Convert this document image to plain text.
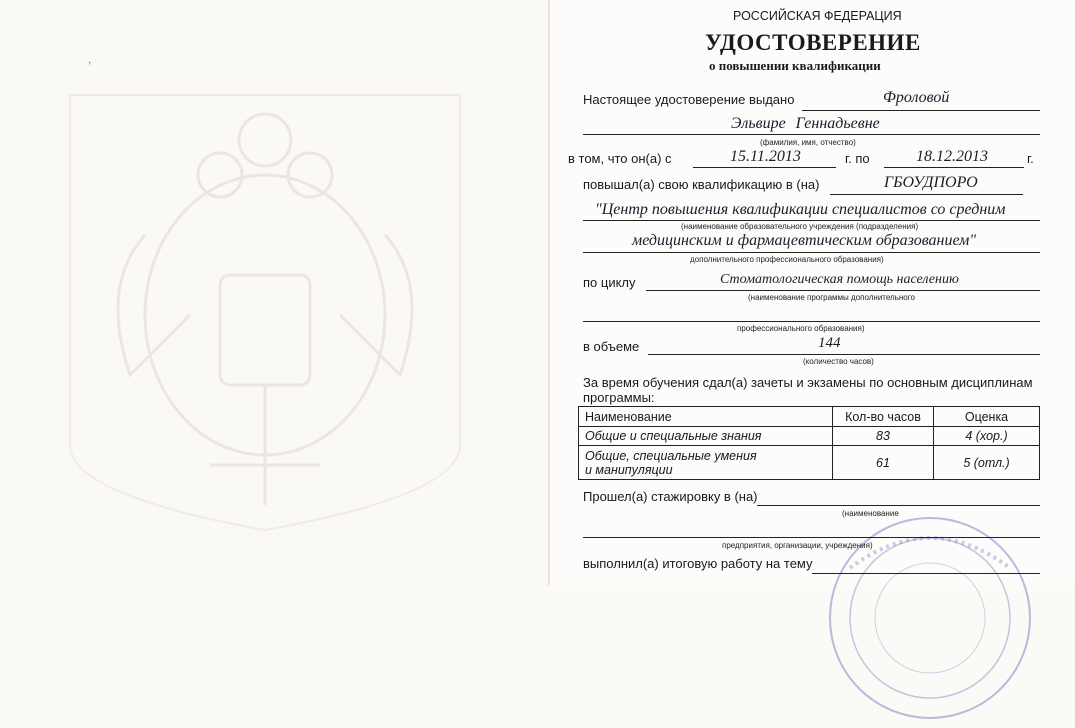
,
РОССИЙСКАЯ ФЕДЕРАЦИЯ
УДОСТОВЕРЕНИЕ
о повышении квалификации
Настоящее удостоверение выдано	Фроловой
Эльвире Геннадьевне
(фамилия, имя, отчество)
в том, что он(а) с	15.11.2013	г. по	18.12.2013	г.
повышал(а) свою квалификацию в (на)	ГБОУДПОРО
"Центр повышения квалификации специалистов со средним
(наименование образовательного учреждения (подразделения)
медицинским и фармацевтическим образованием"
дополнительного профессионального образования)
по циклу	Стоматологическая помощь населению
(наименование программы дополнительного
профессионального образования)
в объеме	144
(количество часов)
За время обучения сдал(а) зачеты и экзамены по основным дисциплинам
программы:
Наименование	Кол-во часов	Оценка
Общие и специальные знания	83	4 (хор.)

Общие, специальные умения
и манипуляции	61	5 (отл.)
Прошел(а) стажировку в (на)
(наименование
предприятия, организации, учреждения)
выполнил(а) итоговую работу на тему
